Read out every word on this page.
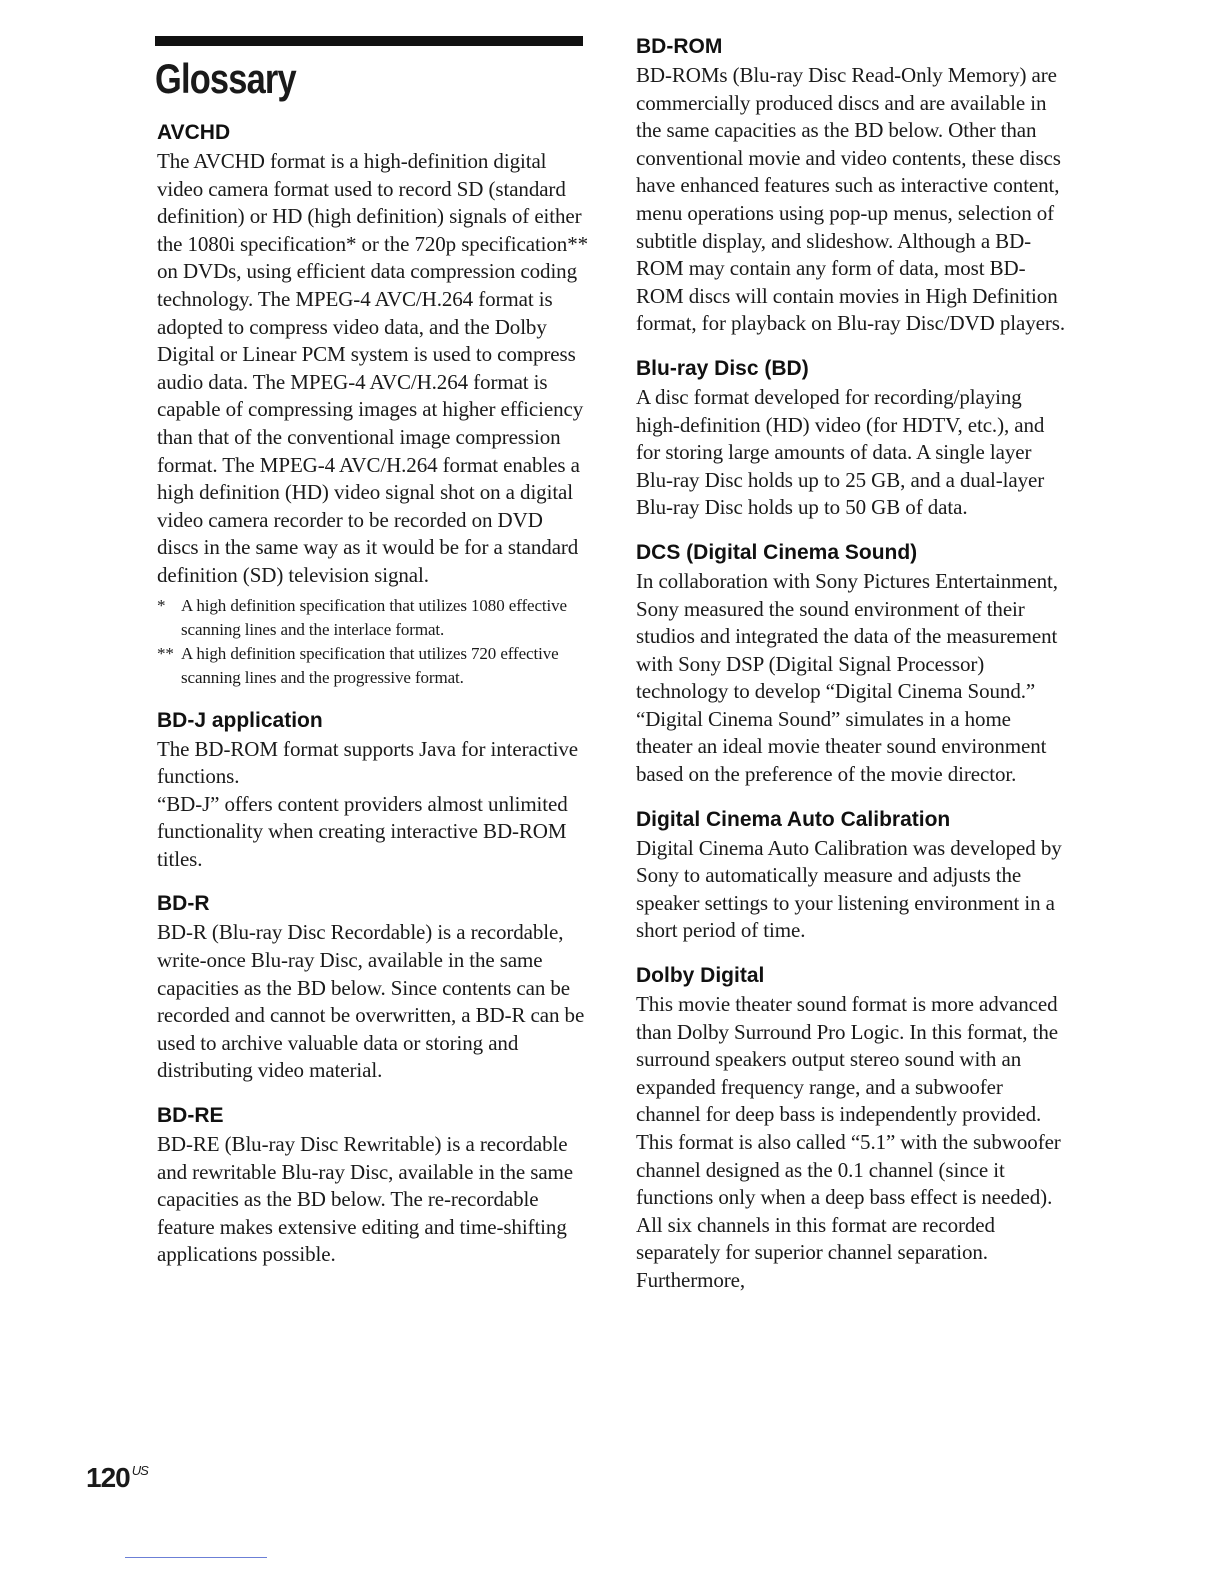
Glossary
AVCHD

The AVCHD format is a high-definition digital video camera format used to record SD (standard definition) or HD (high definition) signals of either the 1080i specification* or the 720p specification** on DVDs, using efficient data compression coding technology. The MPEG-4 AVC/H.264 format is adopted to compress video data, and the Dolby Digital or Linear PCM system is used to compress audio data. The MPEG-4 AVC/H.264 format is capable of compressing images at higher efficiency than that of the conventional image compression format. The MPEG-4 AVC/H.264 format enables a high definition (HD) video signal shot on a digital video camera recorder to be recorded on DVD discs in the same way as it would be for a standard definition (SD) television signal.

* A high definition specification that utilizes 1080 effective scanning lines and the interlace format.

** A high definition specification that utilizes 720 effective scanning lines and the progressive format.

BD-J application

The BD-ROM format supports Java for interactive functions.

“BD-J” offers content providers almost unlimited functionality when creating interactive BD-ROM titles.

BD-R

BD-R (Blu-ray Disc Recordable) is a recordable, write-once Blu-ray Disc, available in the same capacities as the BD below. Since contents can be recorded and cannot be overwritten, a BD-R can be used to archive valuable data or storing and distributing video material.

BD-RE

BD-RE (Blu-ray Disc Rewritable) is a recordable and rewritable Blu-ray Disc, available in the same capacities as the BD below. The re-recordable feature makes extensive editing and time-shifting applications possible.

BD-ROM

BD-ROMs (Blu-ray Disc Read-Only Memory) are commercially produced discs and are available in the same capacities as the BD below. Other than conventional movie and video contents, these discs have enhanced features such as interactive content, menu operations using pop-up menus, selection of subtitle display, and slideshow. Although a BD-ROM may contain any form of data, most BD-ROM discs will contain movies in High Definition format, for playback on Blu-ray Disc/DVD players.

Blu-ray Disc (BD)

A disc format developed for recording/playing high-definition (HD) video (for HDTV, etc.), and for storing large amounts of data. A single layer Blu-ray Disc holds up to 25 GB, and a dual-layer Blu-ray Disc holds up to 50 GB of data.

DCS (Digital Cinema Sound)

In collaboration with Sony Pictures Entertainment, Sony measured the sound environment of their studios and integrated the data of the measurement with Sony DSP (Digital Signal Processor) technology to develop “Digital Cinema Sound.” “Digital Cinema Sound” simulates in a home theater an ideal movie theater sound environment based on the preference of the movie director.

Digital Cinema Auto Calibration

Digital Cinema Auto Calibration was developed by Sony to automatically measure and adjusts the speaker settings to your listening environment in a short period of time.

Dolby Digital

This movie theater sound format is more advanced than Dolby Surround Pro Logic. In this format, the surround speakers output stereo sound with an expanded frequency range, and a subwoofer channel for deep bass is independently provided. This format is also called “5.1” with the subwoofer channel designed as the 0.1 channel (since it functions only when a deep bass effect is needed). All six channels in this format are recorded separately for superior channel separation. Furthermore,

120 $^{US}$
